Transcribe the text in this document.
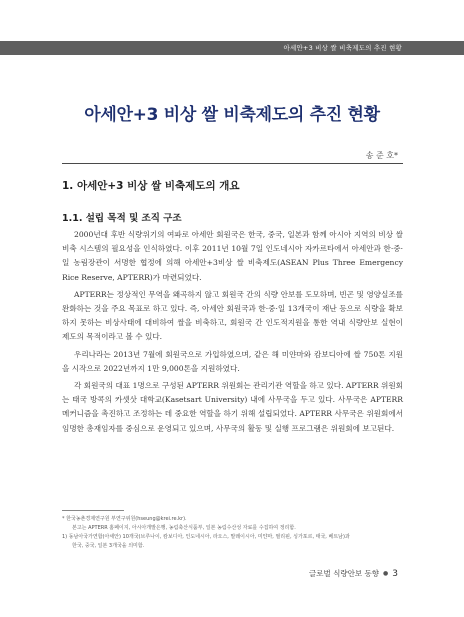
아세안+3 비상 쌀 비축제도의 추진 현황
아세안+3 비상 쌀 비축제도의 추진 현황

송 준 호*

1. 아세안+3 비상 쌀 비축제도의 개요
1.1. 설립 목적 및 조직 구조

2000년대 후반 식량위기의 여파로 아세안 회원국은 한국, 중국, 일본과 함께 아시아 지역의 비상 쌀 비축 시스템의 필요성을 인식하였다. 이후 2011년 10월 7일 인도네시아 자카르타에서 아세안과 한·중·일 농림장관이 서명한 협정에 의해 아세안+3비상 쌀 비축제도(ASEAN Plus Three Emergency Rice Reserve, APTERR)가 마련되었다.

APTERR는 정상적인 무역을 왜곡하지 않고 회원국 간의 식량 안보를 도모하며, 빈곤 및 영양실조를 완화하는 것을 주요 목표로 하고 있다. 즉, 아세안 회원국과 한·중·일 13개국이 재난 등으로 식량을 확보하지 못하는 비상사태에 대비하여 쌀을 비축하고, 회원국 간 인도적지원을 통한 역내 식량안보 실현이 제도의 목적이라고 볼 수 있다.

우리나라는 2013년 7월에 회원국으로 가입하였으며, 같은 해 미얀마와 캄보디아에 쌀 750톤 지원을 시작으로 2022년까지 1만 9,000톤을 지원하였다.

각 회원국의 대표 1명으로 구성된 APTERR 위원회는 관리기관 역할을 하고 있다. APTERR 위원회는 태국 방콕의 카셋삿 대학교(Kasetsart University) 내에 사무국을 두고 있다. 사무국은 APTERR 메커니즘을 촉진하고 조정하는 데 중요한 역할을 하기 위해 설립되었다. APTERR 사무국은 위원회에서 임명한 총재임자를 중심으로 운영되고 있으며, 사무국의 활동 및 실행 프로그램은 위원회에 보고된다.

* 한국농촌경제연구원 부연구위원(hseung@krei.re.kr).

본고는 APTERR 홈페이지, 아시아개발은행, 농림축산식품부, 일본 농림수산성 자료를 수집하여 정리함.

1) 동남아국가연합(아세안) 10개국(브루나이, 캄보디아, 인도네시아, 라오스, 말레이시아, 미얀마, 필리핀, 싱가포르, 태국, 베트남)과

한국, 중국, 일본 3개국을 의미함.

글로벌 식량안보 동향 ● 3
